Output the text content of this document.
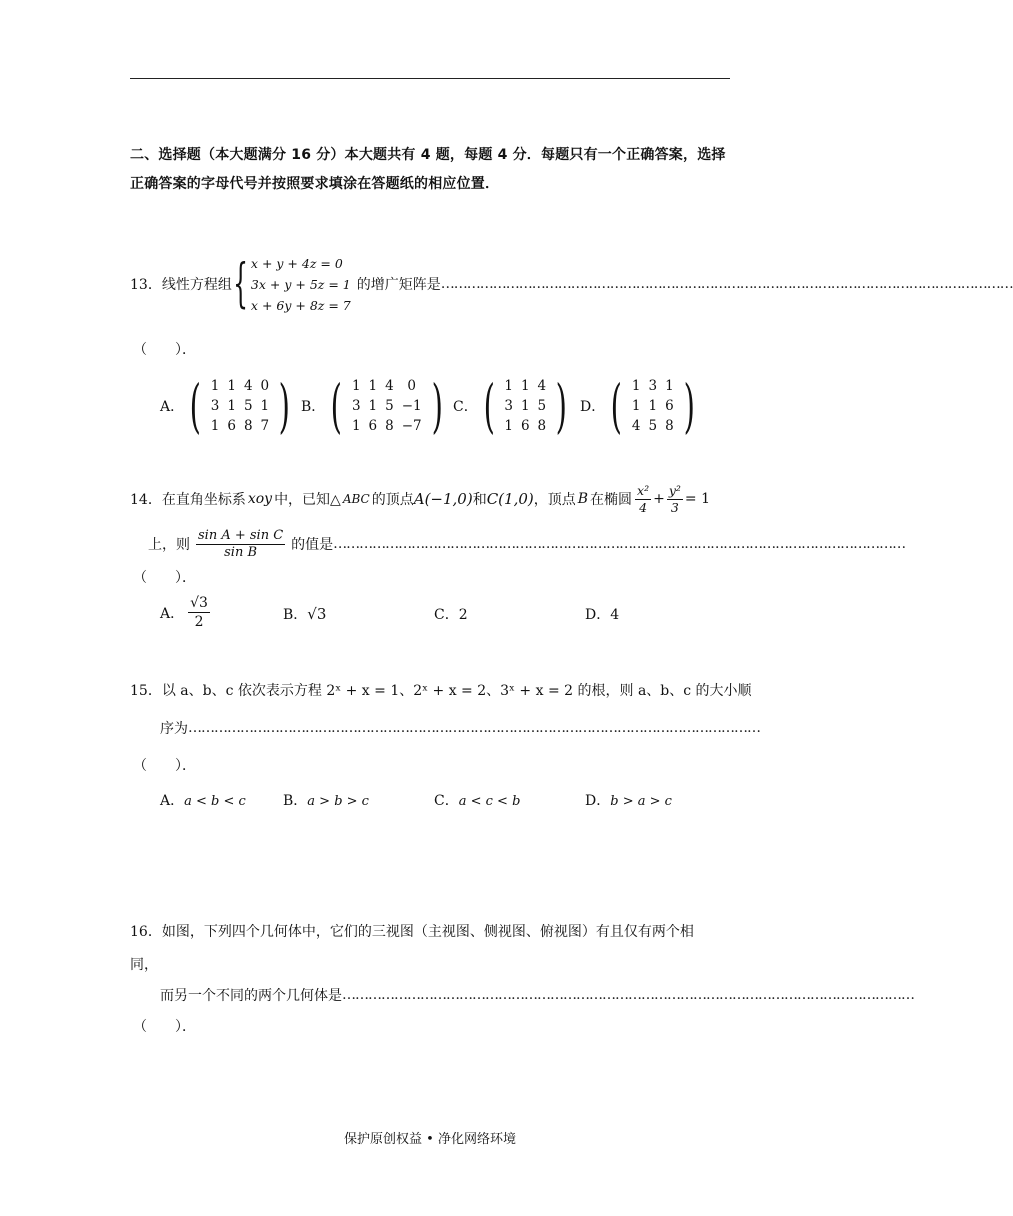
二、选择题（本大题满分 16 分）本大题共有 4 题，每题 4 分．每题只有一个正确答案，选择正确答案的字母代号并按照要求填涂在答题纸的相应位置．
13． 线性方程组 { x + y + 4z = 0
3x + y + 5z = 1
x + 6y + 8z = 7
的增广矩阵是 ……………………………………………………………………………………………………………………
（　　）．
A． ( 1	1	4	0
3	1	5	1
1	6	8	7 ) B． ( 1	1	4	0
3	1	5	−1
1	6	8	−7 ) C． ( 1	1	4
3	1	5
1	6	8 ) D． ( 1	3	1
1	1	6
4	5	8 )
14． 在直角坐标系 xoy 中，已知△ ABC 的顶点 A(−1,0) 和 C(1,0) ，顶点 B 在椭圆 $\frac{\text{x²}}{4} + \frac{\text{y²}}{3} = 1$
上，则 $\frac{\text{sin A + sin C}}{\text{sin B}}$ 的值是 ……………………………………………………………………………………………………………………
（　　）．
A． $\frac{√3}{2}$	B．√3	C．2	D．4
15． 以 a、b、c 依次表示方程 2ˣ + x = 1、2ˣ + x = 2、3ˣ + x = 2 的根，则 a、b、c 的大小顺
序为 ……………………………………………………………………………………………………………………
（　　）．
A．a < b < c	B．a > b > c	C．a < c < b	D．b > a > c
16． 如图，下列四个几何体中，它们的三视图（主视图、侧视图、俯视图）有且仅有两个相
同，
而另一个不同的两个几何体是 ……………………………………………………………………………………………………………………
（　　）．
保护原创权益 • 净化网络环境
